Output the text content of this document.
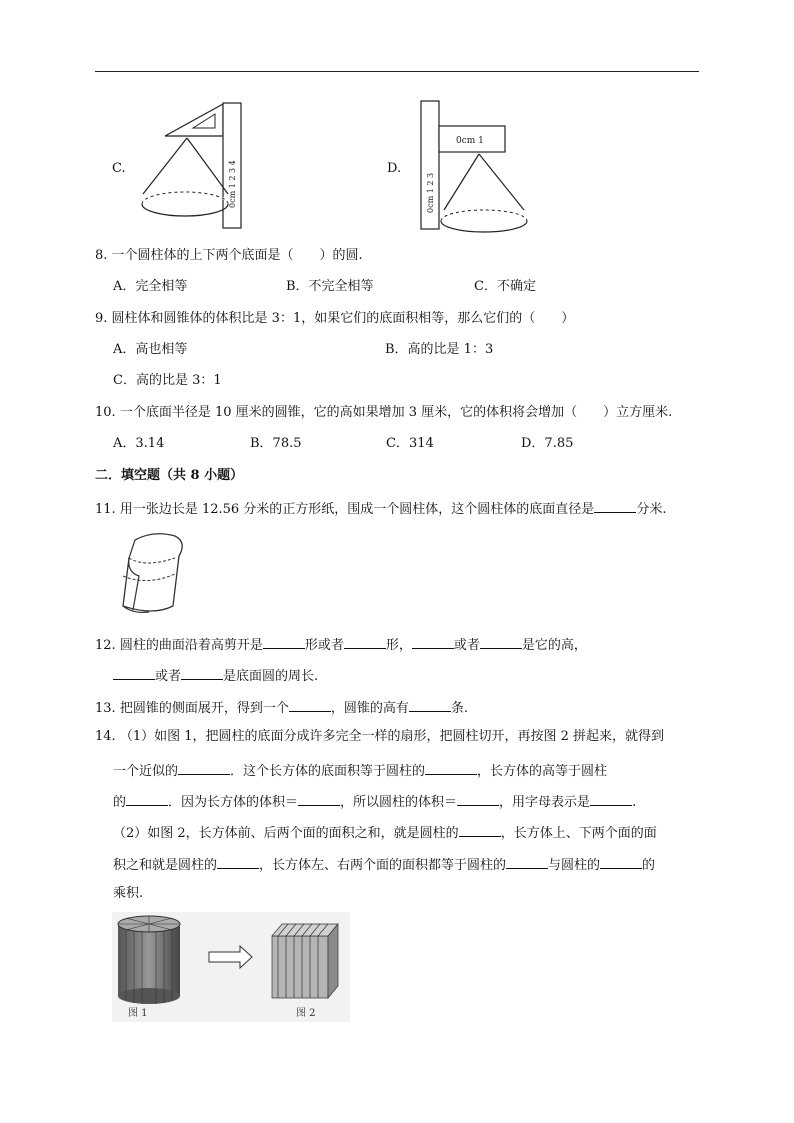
C.	0cm 1 2 3 4	D.
0cm 1 2 3
0cm 1
8. 一个圆柱体的上下两个底面是（　　）的圆.
A．完全相等	B．不完全相等	C．不确定
9. 圆柱体和圆锥体的体积比是 3：1，如果它们的底面积相等，那么它们的（　　）
A．高也相等	B．高的比是 1：3
C．高的比是 3：1
10. 一个底面半径是 10 厘米的圆锥，它的高如果增加 3 厘米，它的体积将会增加（　　）立方厘米.
A．3.14	B．78.5	C．314	D．7.85
二．填空题（共 8 小题）
11. 用一张边长是 12.56 分米的正方形纸，围成一个圆柱体，这个圆柱体的底面直径是	分米.
12. 圆柱的曲面沿着高剪开是	形或者	形，	或者	是它的高，
或者	是底面圆的周长.
13. 把圆锥的侧面展开，得到一个	，圆锥的高有	条.
14. （1）如图 1，把圆柱的底面分成许多完全一样的扇形，把圆柱切开，再按图 2 拼起来，就得到
一个近似的	．这个长方体的底面积等于圆柱的	，长方体的高等于圆柱
的	．因为长方体的体积＝	，所以圆柱的体积＝	，用字母表示是	.
（2）如图 2，长方体前、后两个面的面积之和，就是圆柱的	，长方体上、下两个面的面
积之和就是圆柱的	，长方体左、右两个面的面积都等于圆柱的	与圆柱的	的
乘积.
图 1	图 2
